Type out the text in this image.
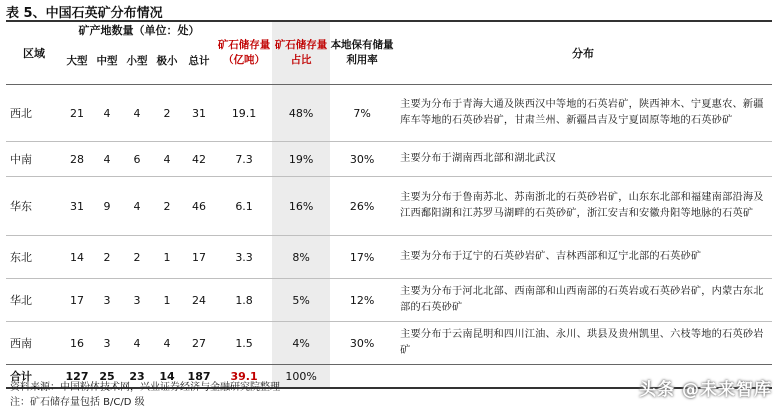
表 5、中国石英矿分布情况
区域	矿产地数量（单位：处）					矿石储存量（亿吨）	矿石储存量占比	本地保有储量利用率	分布
	大型	中型	小型	极小	总计				
西北	21	4	4	2	31	19.1	48%	7%	主要为分布于青海大通及陕西汉中等地的石英岩矿，陕西神木、宁夏惠农、新疆库车等地的石英砂岩矿，甘肃兰州、新疆昌吉及宁夏固原等地的石英砂矿
中南	28	4	6	4	42	7.3	19%	30%	主要分布于湖南西北部和湖北武汉
华东	31	9	4	2	46	6.1	16%	26%	主要为分布于鲁南苏北、苏南浙北的石英砂岩矿，山东东北部和福建南部沿海及江西鄱阳湖和江苏罗马湖畔的石英砂矿，浙江安吉和安徽舟阳等地脉的石英矿
东北	14	2	2	1	17	3.3	8%	17%	主要为分布于辽宁的石英砂岩矿、吉林西部和辽宁北部的石英砂矿
华北	17	3	3	1	24	1.8	5%	12%	主要为分布于河北北部、西南部和山西南部的石英岩或石英砂岩矿，内蒙古东北部的石英砂矿
西南	16	3	4	4	27	1.5	4%	30%	主要分布于云南昆明和四川江油、永川、珙县及贵州凯里、六枝等地的石英砂岩矿
合计	127	25	23	14	187	39.1	100%		
资料来源：中国粉体技术网，兴业证券经济与金融研究院整理
注：矿石储存量包括 B/C/D 级
头条 @未来智库
